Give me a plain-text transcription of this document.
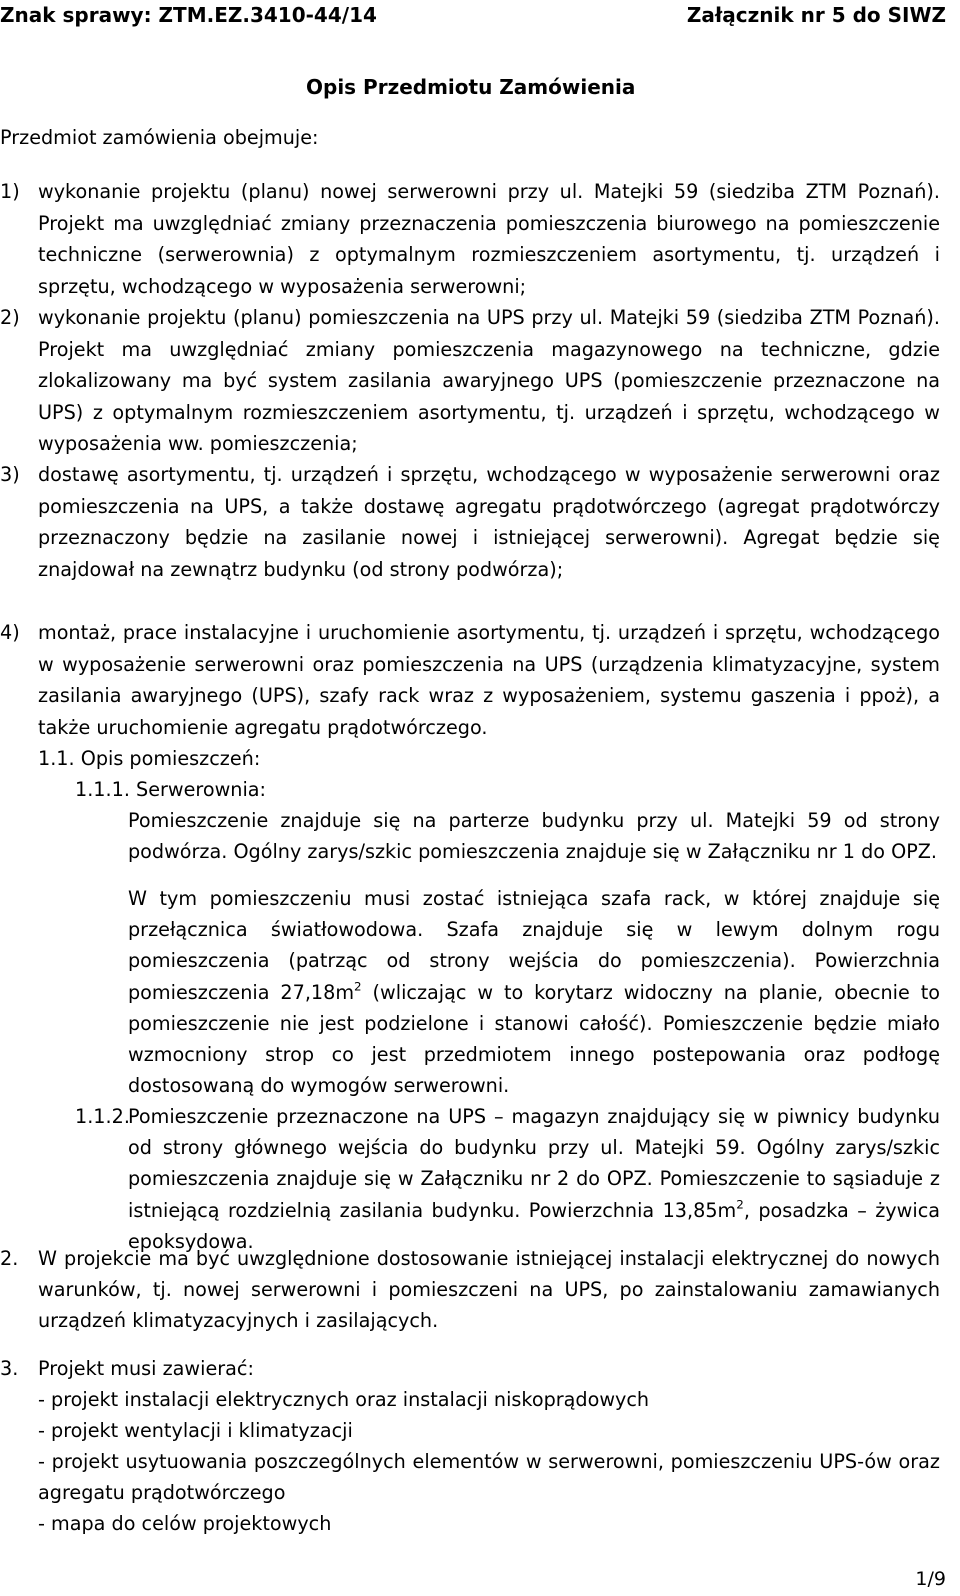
Znak sprawy: ZTM.EZ.3410-44/14	Załącznik nr 5 do SIWZ
Opis Przedmiotu Zamówienia
Przedmiot zamówienia obejmuje:
1) wykonanie projektu (planu) nowej serwerowni przy ul. Matejki 59 (siedziba ZTM Poznań). Projekt ma uwzględniać zmiany przeznaczenia pomieszczenia biurowego na pomieszczenie techniczne (serwerownia) z optymalnym rozmieszczeniem asortymentu, tj. urządzeń i sprzętu, wchodzącego w wyposażenia serwerowni;
2) wykonanie projektu (planu) pomieszczenia na UPS przy ul. Matejki 59 (siedziba ZTM Poznań). Projekt ma uwzględniać zmiany pomieszczenia magazynowego na techniczne, gdzie zlokalizowany ma być system zasilania awaryjnego UPS (pomieszczenie przeznaczone na UPS) z optymalnym rozmieszczeniem asortymentu, tj. urządzeń i sprzętu, wchodzącego w wyposażenia ww. pomieszczenia;
3) dostawę asortymentu, tj. urządzeń i sprzętu, wchodzącego w wyposażenie serwerowni oraz pomieszczenia na UPS, a także dostawę agregatu prądotwórczego (agregat prądotwórczy przeznaczony będzie na zasilanie nowej i istniejącej serwerowni). Agregat będzie się znajdował na zewnątrz budynku (od strony podwórza);
4) montaż, prace instalacyjne i uruchomienie asortymentu, tj. urządzeń i sprzętu, wchodzącego w wyposażenie serwerowni oraz pomieszczenia na UPS (urządzenia klimatyzacyjne, system zasilania awaryjnego (UPS), szafy rack wraz z wyposażeniem, systemu gaszenia i ppoż), a także uruchomienie agregatu prądotwórczego.
1.1. Opis pomieszczeń:
1.1.1. Serwerownia:
Pomieszczenie znajduje się na parterze budynku przy ul. Matejki 59 od strony podwórza. Ogólny zarys/szkic pomieszczenia znajduje się w Załączniku nr 1 do OPZ.
W tym pomieszczeniu musi zostać istniejąca szafa rack, w której znajduje się przełącznica światłowodowa. Szafa znajduje się w lewym dolnym rogu pomieszczenia (patrząc od strony wejścia do pomieszczenia). Powierzchnia pomieszczenia $27,18m^2$ (wliczając w to korytarz widoczny na planie, obecnie to pomieszczenie nie jest podzielone i stanowi całość). Pomieszczenie będzie miało wzmocniony strop co jest przedmiotem innego postepowania oraz podłogę dostosowaną do wymogów serwerowni.
1.1.2.Pomieszczenie przeznaczone na UPS – magazyn znajdujący się w piwnicy budynku od strony głównego wejścia do budynku przy ul. Matejki 59. Ogólny zarys/szkic pomieszczenia znajduje się w Załączniku nr 2 do OPZ. Pomieszczenie to sąsiaduje z istniejącą rozdzielnią zasilania budynku. Powierzchnia $13,85m^2$, posadzka – żywica epoksydowa.
2. W projekcie ma być uwzględnione dostosowanie istniejącej instalacji elektrycznej do nowych warunków, tj. nowej serwerowni i pomieszczeni na UPS, po zainstalowaniu zamawianych urządzeń klimatyzacyjnych i zasilających.
3. Projekt musi zawierać:
- projekt instalacji elektrycznych oraz instalacji niskoprądowych
- projekt wentylacji i klimatyzacji
- projekt usytuowania poszczególnych elementów w serwerowni, pomieszczeniu UPS-ów oraz agregatu prądotwórczego
- mapa do celów projektowych
1/9
